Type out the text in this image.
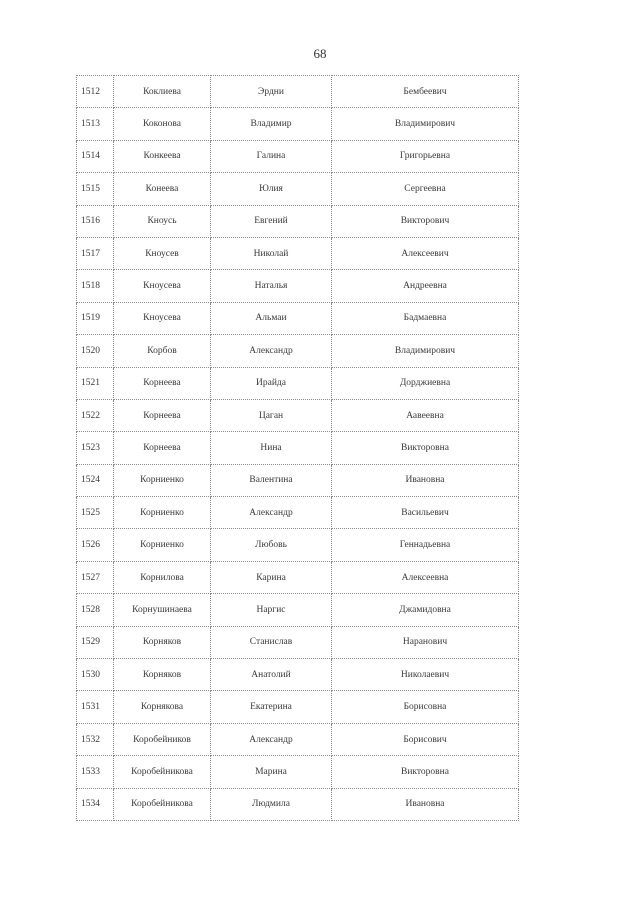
68
1512	Коклиева	Эрдни	Бембеевич
1513	Коконова	Владимир	Владимирович
1514	Конкеева	Галина	Григорьевна
1515	Конеева	Юлия	Сергеевна
1516	Кноусь	Евгений	Викторович
1517	Кноусев	Николай	Алексеевич
1518	Кноусева	Наталья	Андреевна
1519	Кноусева	Альмаи	Бадмаевна
1520	Корбов	Александр	Владимирович
1521	Корнеева	Ирайда	Дорджиевна
1522	Корнеева	Цаган	Аавеевна
1523	Корнеева	Нина	Викторовна
1524	Корниенко	Валентина	Ивановна
1525	Корниенко	Александр	Васильевич
1526	Корниенко	Любовь	Геннадьевна
1527	Корнилова	Карина	Алексеевна
1528	Корнушинаева	Наргис	Джамидовна
1529	Корняков	Станислав	Наранович
1530	Корняков	Анатолий	Николаевич
1531	Корнякова	Екатерина	Борисовна
1532	Коробейников	Александр	Борисович
1533	Коробейникова	Марина	Викторовна
1534	Коробейникова	Людмила	Ивановна
